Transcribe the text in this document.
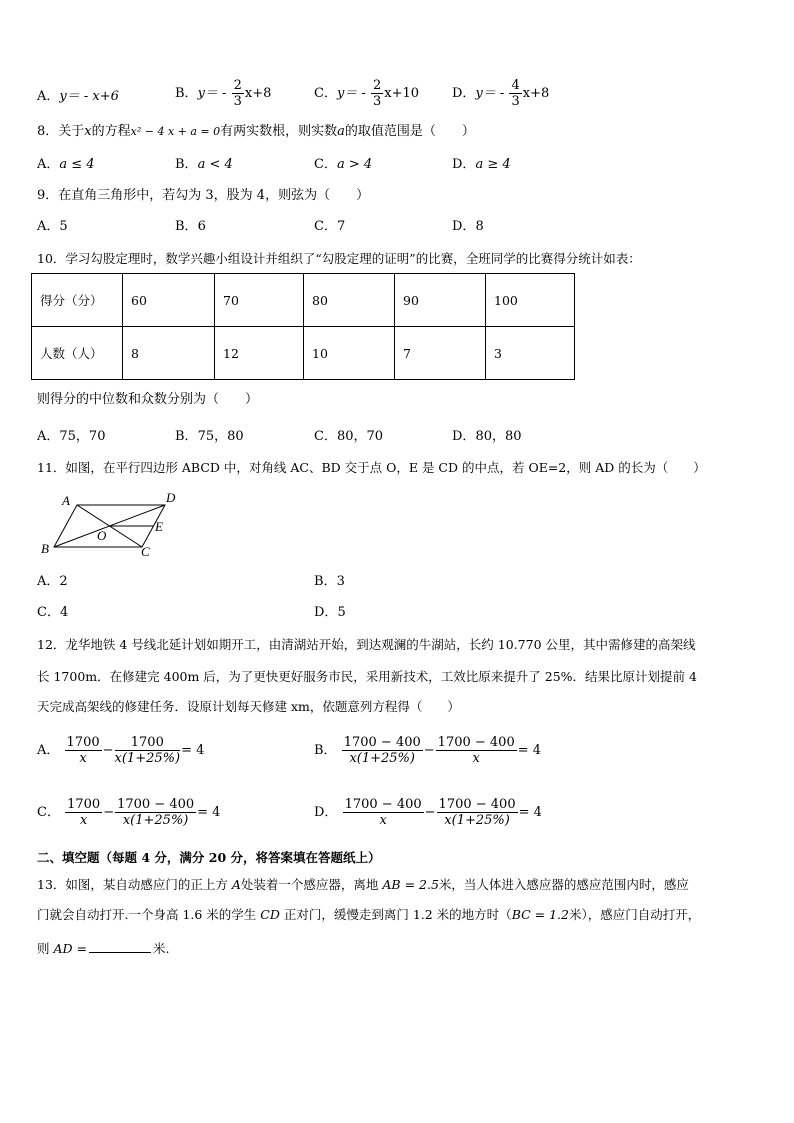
A．y＝ - x+6	B．$y= - \frac{2}{3} x+8$	C．$y= - \frac{2}{3} x+10$	D．$y= - \frac{4}{3} x+8$
8．关于x的方程x² − 4 x + a = 0有两实数根，则实数a的取值范围是（　　）
A．a ≤ 4	B．a < 4	C．a > 4	D．a ≥ 4
9．在直角三角形中，若勾为 3，股为 4，则弦为（　　）
A．5	B．6	C．7	D．8
10．学习勾股定理时，数学兴趣小组设计并组织了“勾股定理的证明”的比赛，全班同学的比赛得分统计如表：
得分（分）	60	70	80	90	100
人数（人）	8	12	10	7	3
则得分的中位数和众数分别为（　　）
A．75，70	B．75，80	C．80，70	D．80，80
11．如图，在平行四边形 ABCD 中，对角线 AC、BD 交于点 O，E 是 CD 的中点，若 OE=2，则 AD 的长为（　　）
A	D
E
O
B	C
A．2	B．3
C．4	D．5
12．龙华地铁 4 号线北延计划如期开工，由清湖站开始，到达观澜的牛湖站，长约 10.770 公里，其中需修建的高架线
长 1700m．在修建完 400m 后，为了更快更好服务市民，采用新技术，工效比原来提升了 25%．结果比原计划提前 4
天完成高架线的修建任务．设原计划每天修建 xm，依题意列方程得（　　）
A． $\frac{1700}{x} - \frac{1700}{x(1+25\%)} = 4$	B． $\frac{1700 - 400}{x(1+25\%)} - \frac{1700 - 400}{x} = 4$
C． $\frac{1700}{x} - \frac{1700 - 400}{x(1+25\%)} = 4$	D． $\frac{1700 - 400}{x} - \frac{1700 - 400}{x(1+25\%)} = 4$
二、填空题（每题 4 分，满分 20 分，将答案填在答题纸上）
13．如图，某自动感应门的正上方 A处装着一个感应器，离地 AB = 2.5米，当人体进入感应器的感应范围内时，感应
门就会自动打开.一个身高 1.6 米的学生 CD 正对门，缓慢走到离门 1.2 米的地方时（BC = 1.2米），感应门自动打开，
则 AD =	米.
